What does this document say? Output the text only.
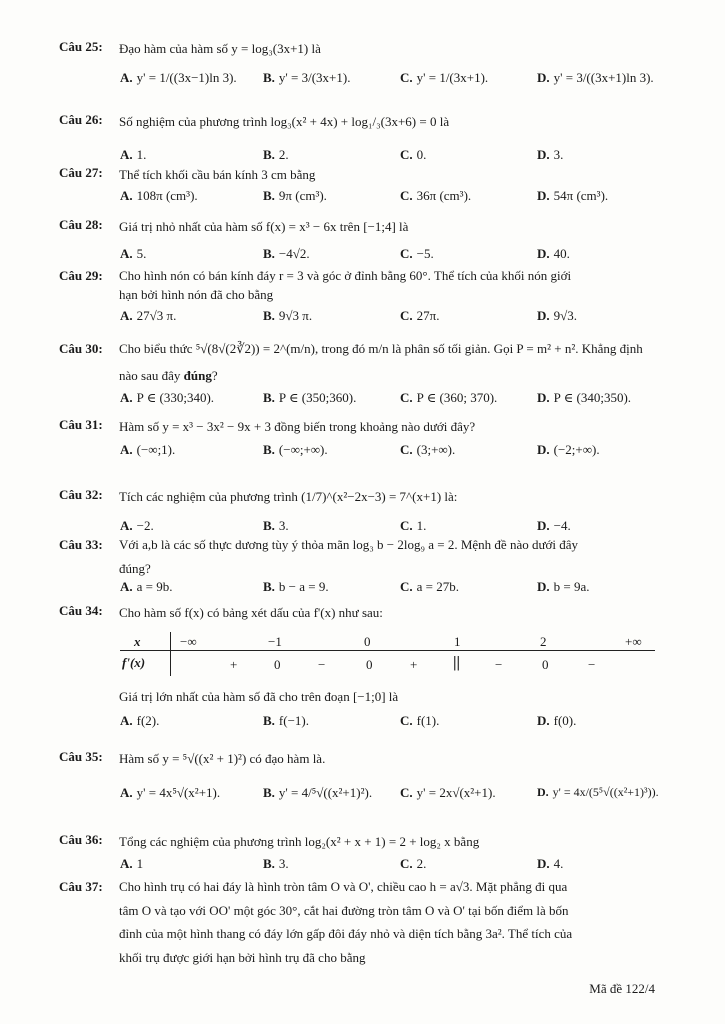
Câu 25: Đạo hàm của hàm số y = log₃(3x+1) là
A. y' = 1/((3x−1)ln 3). B. y' = 3/(3x+1).	C. y' = 1/(3x+1).	D. y' = 3/((3x+1)ln 3).
Câu 26: Số nghiệm của phương trình log₃(x² + 4x) + log₁/₃(3x+6) = 0 là
A. 1.	B. 2.	C. 0.	D. 3.
Câu 27: Thể tích khối cầu bán kính 3 cm bằng
A. 108π (cm³).	B. 9π (cm³).	C. 36π (cm³).	D. 54π (cm³).
Câu 28: Giá trị nhỏ nhất của hàm số f(x) = x³ − 6x trên [−1;4] là
A. 5.	B. −4√2.	C. −5.	D. 40.
Câu 29: Cho hình nón có bán kính đáy r = 3 và góc ở đỉnh bằng 60°. Thể tích của khối nón giới
hạn bởi hình nón đã cho bằng
A. 27√3 π.	B. 9√3 π.	C. 27π.	D. 9√3.
Câu 30: Cho biểu thức ⁵√(8√(2∛2)) = 2^(m/n), trong đó m/n là phân số tối giản. Gọi P = m² + n². Khẳng định
nào sau đây đúng?
A. P ∈ (330;340).	B. P ∈ (350;360).	C. P ∈ (360; 370).	D. P ∈ (340;350).
Câu 31: Hàm số y = x³ − 3x² − 9x + 3 đồng biến trong khoảng nào dưới đây?
A. (−∞;1).	B. (−∞;+∞).	C. (3;+∞).	D. (−2;+∞).
Câu 32: Tích các nghiệm của phương trình (1/7)^(x²−2x−3) = 7^(x+1) là:
A. −2.	B. 3.	C. 1.	D. −4.
Câu 33: Với a,b là các số thực dương tùy ý thỏa mãn log₃ b − 2log₉ a = 2. Mệnh đề nào dưới đây
đúng?
A. a = 9b.	B. b − a = 9.	C. a = 27b.	D. b = 9a.
Câu 34: Cho hàm số f(x) có bảng xét dấu của f'(x) như sau:
x	−∞	−1	0	1	2	+∞
f'(x)	+	0	−	0	+ ||	−	0	−
Giá trị lớn nhất của hàm số đã cho trên đoạn [−1;0] là
A. f(2).	B. f(−1).	C. f(1).	D. f(0).
Câu 35: Hàm số y = ⁵√((x² + 1)²) có đạo hàm là.
A. y' = 4x⁵√(x²+1).	B. y' = 4/⁵√((x²+1)²). C. y' = 2x√(x²+1).	D. y' = 4x/(5⁵√((x²+1)³)).
Câu 36: Tổng các nghiệm của phương trình log₂(x² + x + 1) = 2 + log₂ x bằng
A. 1	B. 3.	C. 2.	D. 4.
Câu 37: Cho hình trụ có hai đáy là hình tròn tâm O và O', chiều cao h = a√3. Mặt phẳng đi qua
tâm O và tạo với OO' một góc 30°, cắt hai đường tròn tâm O và O' tại bốn điểm là bốn
đỉnh của một hình thang có đáy lớn gấp đôi đáy nhỏ và diện tích bằng 3a². Thể tích của
khối trụ được giới hạn bởi hình trụ đã cho bằng
Mã đề 122/4
